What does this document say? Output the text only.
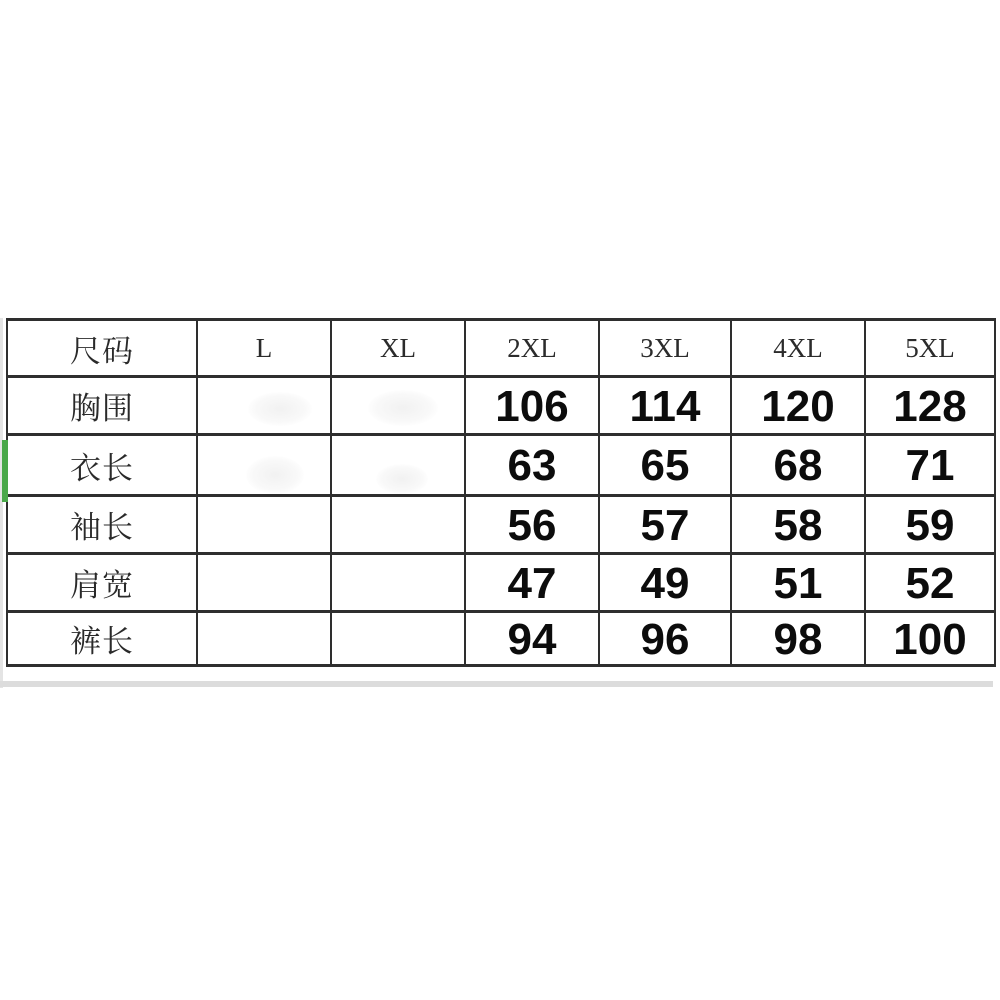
尺码	L	XL	2XL	3XL	4XL	5XL
胸围			106	114	120	128
衣长			63	65	68	71
袖长			56	57	58	59
肩宽			47	49	51	52
裤长			94	96	98	100
